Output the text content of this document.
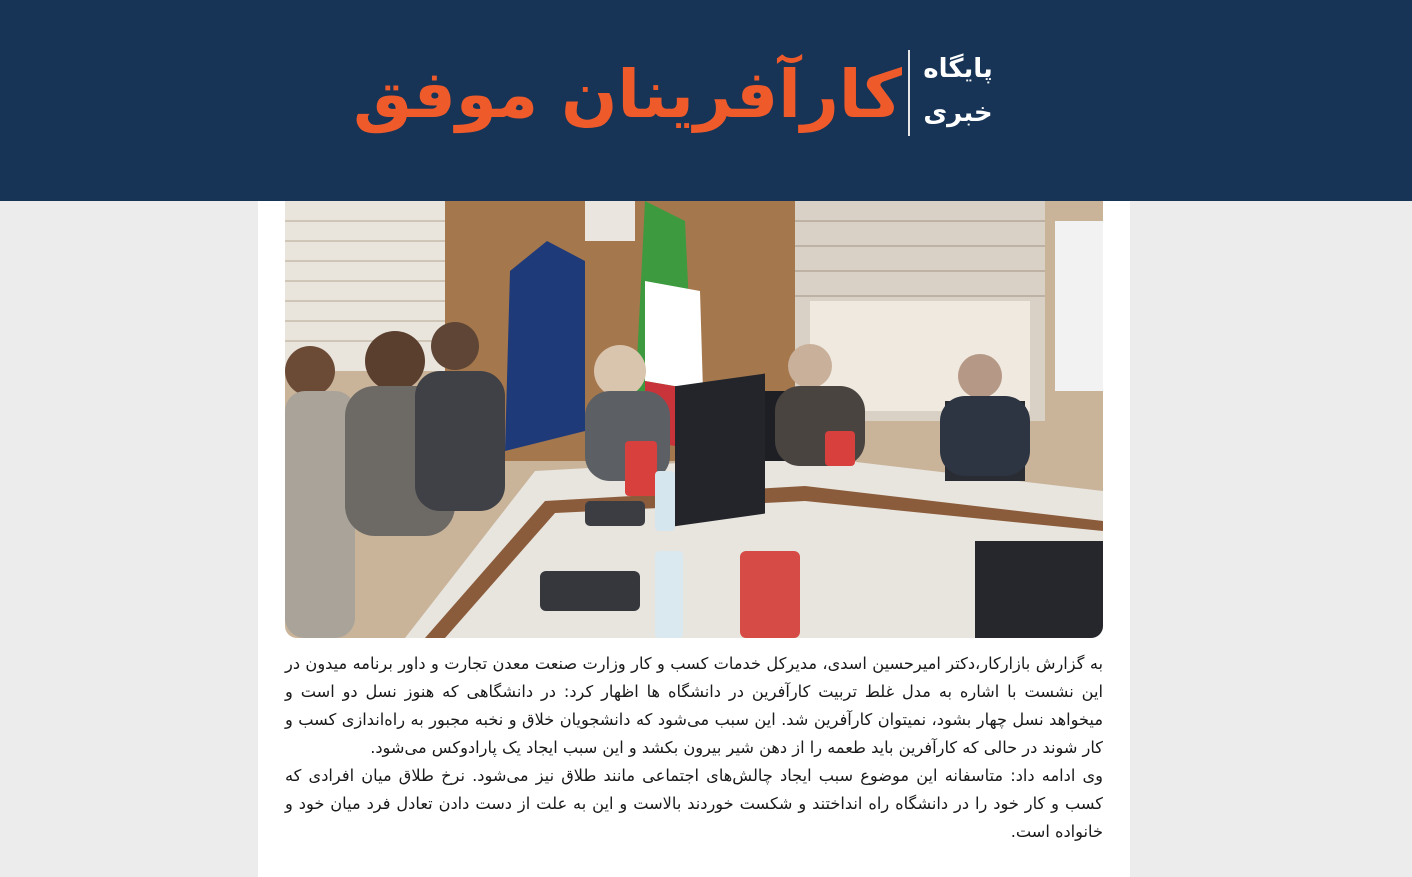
کارآفرینان موفق پایگاه
خبری

به گزارش بازارکار،دکتر امیرحسین اسدی، مدیرکل خدمات کسب و کار وزارت صنعت معدن تجارت و داور برنامه میدون در این نشست با اشاره به مدل غلط تربیت کارآفرین در دانشگاه ها اظهار کرد: در دانشگاهی که هنوز نسل دو است و میخواهد نسل چهار بشود، نمیتوان کارآفرین شد. این سبب می‌شود که دانشجویان خلاق و نخبه مجبور به راه‌اندازی کسب و کار شوند در حالی که کارآفرین باید طعمه را از دهن شیر بیرون بکشد و این سبب ایجاد یک پارادوکس می‌شود.

وی ادامه داد: متاسفانه این موضوع سبب ایجاد چالش‌های اجتماعی مانند طلاق نیز می‌شود. نرخ طلاق میان افرادی که کسب و کار خود را در دانشگاه راه انداختند و شکست خوردند بالاست و این به علت از دست دادن تعادل فرد میان خود و خانواده است.
